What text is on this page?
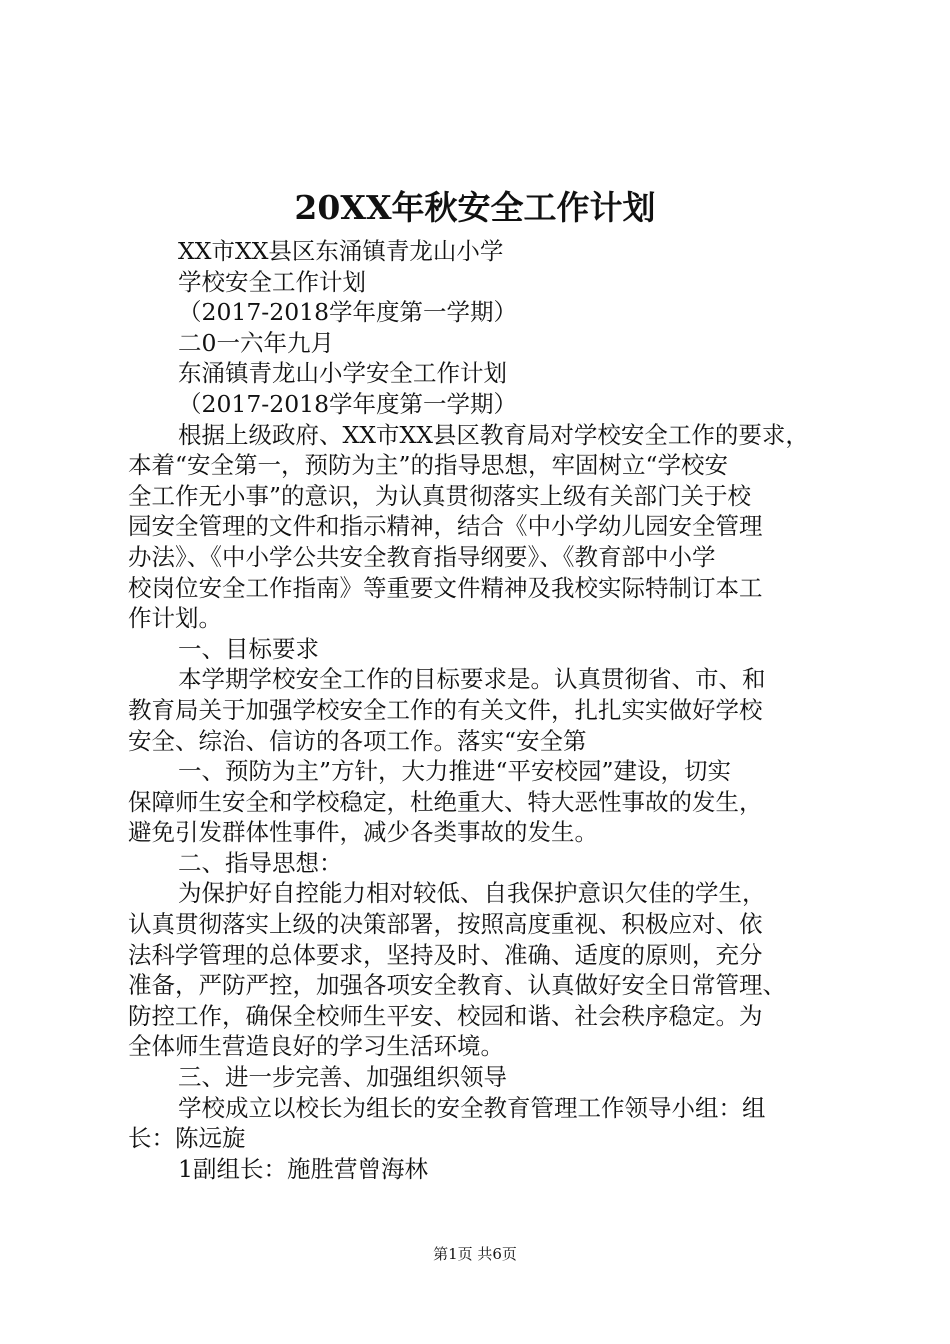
20XX年秋安全工作计划
XX市XX县区东涌镇青龙山小学
学校安全工作计划
（2017-2018学年度第一学期）
二0一六年九月
东涌镇青龙山小学安全工作计划
（2017-2018学年度第一学期）
根据上级政府、XX市XX县区教育局对学校安全工作的要求，
本着“安全第一，预防为主”的指导思想，牢固树立“学校安
全工作无小事”的意识，为认真贯彻落实上级有关部门关于校
园安全管理的文件和指示精神，结合《中小学幼儿园安全管理
办法》、《中小学公共安全教育指导纲要》、《教育部中小学
校岗位安全工作指南》等重要文件精神及我校实际特制订本工
作计划。
一、目标要求
本学期学校安全工作的目标要求是。认真贯彻省、市、和
教育局关于加强学校安全工作的有关文件，扎扎实实做好学校
安全、综治、信访的各项工作。落实“安全第
一、预防为主”方针，大力推进“平安校园”建设，切实
保障师生安全和学校稳定，杜绝重大、特大恶性事故的发生，
避免引发群体性事件，减少各类事故的发生。
二、指导思想：
为保护好自控能力相对较低、自我保护意识欠佳的学生，
认真贯彻落实上级的决策部署，按照高度重视、积极应对、依
法科学管理的总体要求，坚持及时、准确、适度的原则，充分
准备，严防严控，加强各项安全教育、认真做好安全日常管理、
防控工作，确保全校师生平安、校园和谐、社会秩序稳定。为
全体师生营造良好的学习生活环境。
三、进一步完善、加强组织领导
学校成立以校长为组长的安全教育管理工作领导小组：组
长：陈远旋
1副组长：施胜营曾海林
第1页 共6页
